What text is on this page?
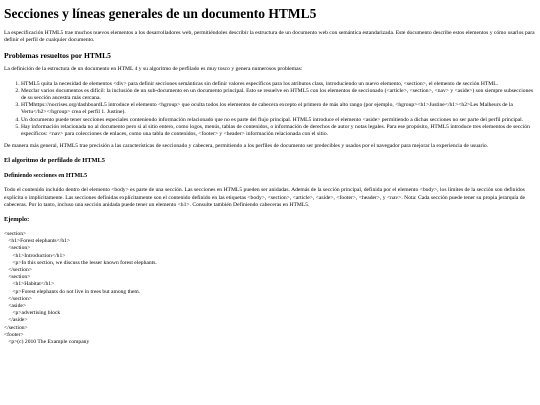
Secciones y líneas generales de un documento HTML5

La especificación HTML5 trae muchos nuevos elementos a los desarrolladores web, permitiéndoles describir la estructura de un documento web con semántica estandarizada. Este documento describe estos elementos y cómo usarlos para definir el perfil de cualquier documento.

Problemas resueltos por HTML5

La definición de la estructura de un documento en HTML 4 y su algoritmo de perfilado es muy tosco y genera numerosos problemas:

1. HTML5 quita la necesidad de elementos <div> para definir secciones semánticas sin definir valores específicos para los atributos class, introduciendo un nuevo elemento, <section>, el elemento de sección HTML.
2. Mezclar varios documentos es difícil: la inclusión de un sub-documento en un documento principal. Esto se resuelve en HTML5 con los elementos de seccionado (<article>, <section>, <nav> y <aside>) son siempre subsecciones de su sección ancestra más cercana.
3. HTMhttps://nocrises.org/dashboardL5 introduce el elemento <hgroup> que oculta todos los elementos de cabecera excepto el primero de más alto rango (por ejemplo, <hgroup><h1>Justine</h1><h2>Les Malheurs de la Vertu</h2></hgroup> crea el perfil 1. Justine).
4. Un documento puede tener secciones especiales conteniendo información relacionado que no es parte del flujo principal. HTML5 introduce el elemento <aside> permitiendo a dichas secciones no ser parte del perfil principal.
5. Hay información relacionada no al documento pero si al sitio entero, como logos, menús, tablas de contenidos, o información de derechos de autor y notas legales. Para ese propósito, HTML5 introduce tres elementos de sección específicos: <nav> para colecciones de enlaces, como una tabla de contenidos, <footer> y <header> información relacionada con el sitio.

De manera más general, HTML5 trae precisión a las características de seccionado y cabecera, permitiendo a los perfiles de documento ser predecibles y usados por el navegador para mejorar la experiencia de usuario.

El algoritmo de perfilado de HTML5
Definiendo secciones en HTML5

Todo el contenido incluido dentro del elemento <body> es parte de una sección. Las secciones en HTML5 pueden ser anidadas. Además de la sección principal, definida por el elemento <body>, los límites de la sección son definidos explícita o implícitamente. Las secciones definidas explícitamente son el contenido definido en las etiquetas <body>, <section>, <article>, <aside>, <footer>, <header>, y <nav>. Nota: Cada sección puede tener su propia jerarquía de cabeceras. Por lo tanto, incluso una sección anidada puede tener un elemento <h1>. Consulte también Definiendo cabeceras en HTML5.

Ejemplo:
<section>
<h1>Forest elephants</h1>
<section>
<h1>Introduction</h1>
<p>In this section, we discuss the lesser known forest elephants.
</section>
<section>
<h1>Habitat</h1>
<p>Forest elephants do not live in trees but among them.
</section>
<aside>
<p>advertising block
</aside>
</section>
<footer>
<p>(c) 2010 The Example company
